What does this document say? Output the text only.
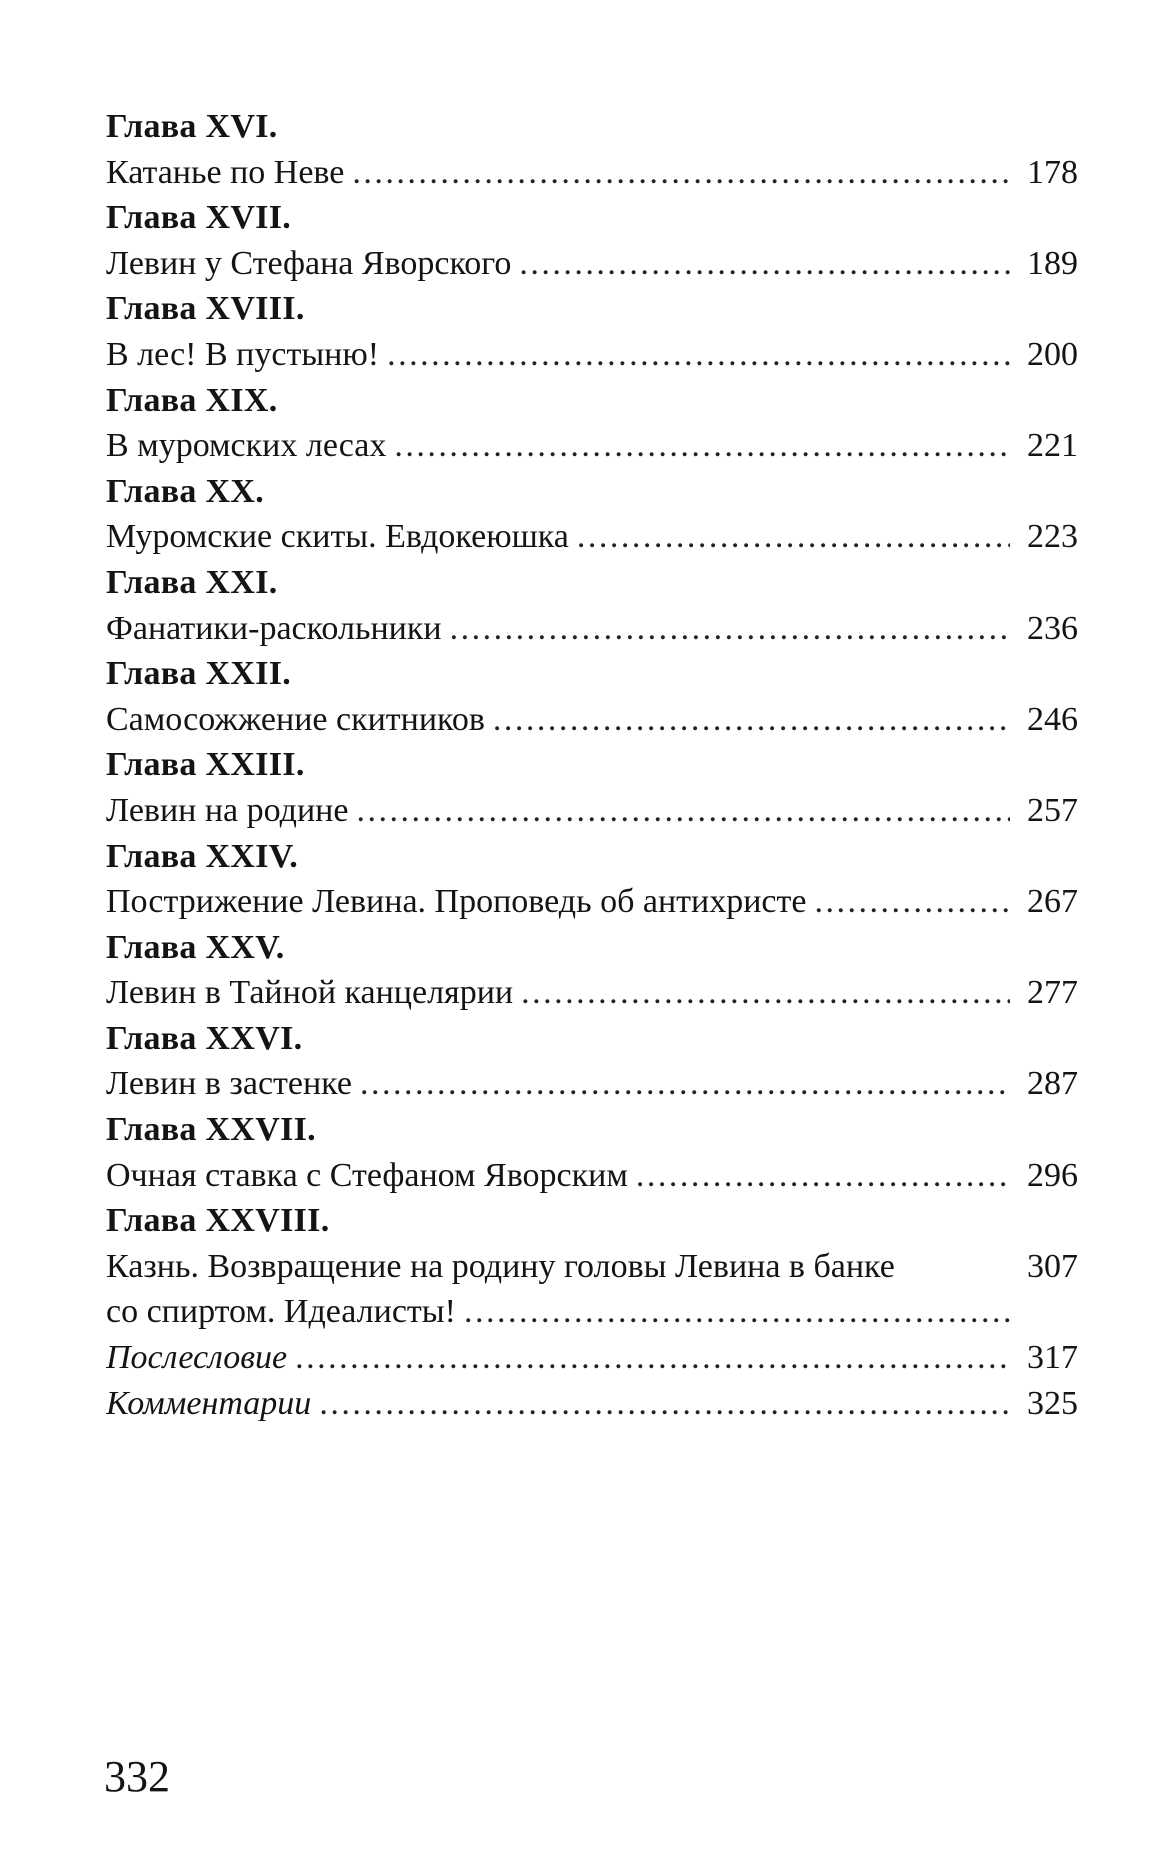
Глава XVI.
Катанье по Неве . . .	178
Глава XVII.
Левин у Стефана Яворского . . .	189
Глава XVIII.
В лес! В пустыню! . . .	200
Глава XIX.
В муромских лесах . . .	221
Глава XX.
Муромские скиты. Евдокеюшка . . .	223
Глава XXI.
Фанатики-раскольники . . .	236
Глава XXII.
Самосожжение скитников . . .	246
Глава XXIII.
Левин на родине . . .	257
Глава XXIV.
Пострижение Левина. Проповедь об антихристе . . .	267
Глава XXV.
Левин в Тайной канцелярии . . .	277
Глава XXVI.
Левин в застенке . . .	287
Глава XXVII.
Очная ставка с Стефаном Яворским . . .	296
Глава XXVIII.
Казнь. Возвращение на родину головы Левина в банке	307
со спиртом. Идеалисты!
. . .
Послесловие . . .	317
Комментарии . . .	325
332
